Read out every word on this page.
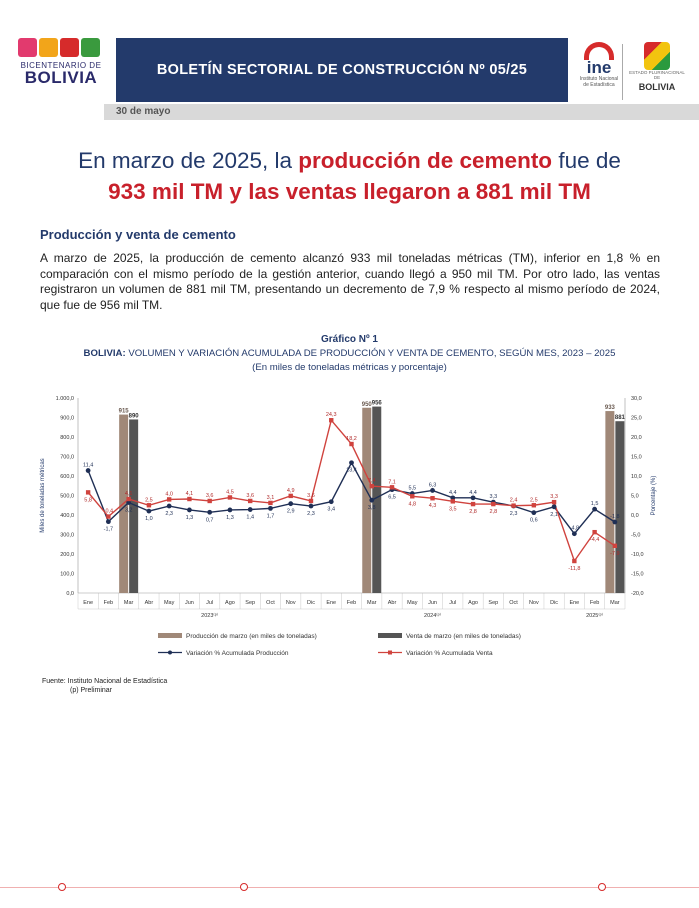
BICENTENARIO DE
BOLIVIA	BOLETÍN SECTORIAL DE CONSTRUCCIÓN Nº 05/25	ine
Instituto Nacional de Estadística
ESTADO PLURINACIONAL DE
BOLIVIA
30 de mayo
En marzo de 2025, la producción de cemento fue de
933 mil TM y las ventas llegaron a 881 mil TM
Producción y venta de cemento
A marzo de 2025, la producción de cemento alcanzó 933 mil toneladas métricas (TM), inferior en 1,8 % en comparación con el mismo período de la gestión anterior, cuando llegó a 950 mil TM. Por otro lado, las ventas registraron un volumen de 881 mil TM, presentando un decremento de 7,9 % respecto al mismo período de 2024, que fue de 956 mil TM.
Gráfico Nº 1
BOLIVIA: VOLUMEN Y VARIACIÓN ACUMULADA DE PRODUCCIÓN Y VENTA DE CEMENTO, SEGÚN MES, 2023 – 2025
(En miles de toneladas métricas y porcentaje)
0,0
100,0
200,0
300,0
400,0
500,0
600,0
700,0
800,0
900,0
1.000,0
-20,0
-15,0
-10,0
-5,0
0,0
5,0
10,0
15,0
20,0
25,0
30,0
Miles de toneladas métricas	Porcentaje (%)
Ene Feb Mar Abr May Jun Jul Ago Sep Oct Nov Dic Ene Feb Mar Abr May Jun Jul Ago Sep Oct Nov Dic Ene Feb Mar
2023⁽ᵖ⁾	2024⁽ᵖ⁾	2025⁽ᵖ⁾
915
890
950 956
933
881
11,4
-1,7
3,2
1,0
2,3
1,3 0,7 1,3 1,4 1,7
2,9 2,3
3,4
13,4
3,8
6,5
5,5
6,3
4,4 4,4
3,3
2,3
0,6
2,1
-4,8
1,5
-1,8
5,8
-0,4
4,1
2,5
4,0 4,1 3,6
4,5
3,6 3,1
4,9
3,6
24,3
18,2
7,4 7,1
4,8 4,3
3,5 2,8 2,8
2,4 2,5
3,3
-11,8
-4,4
-7,9
Producción de marzo (en miles de toneladas)	Venta de marzo (en miles de toneladas)
Variación % Acumulada Producción	Variación % Acumulada Venta
Fuente: Instituto Nacional de Estadística
(p) Preliminar
